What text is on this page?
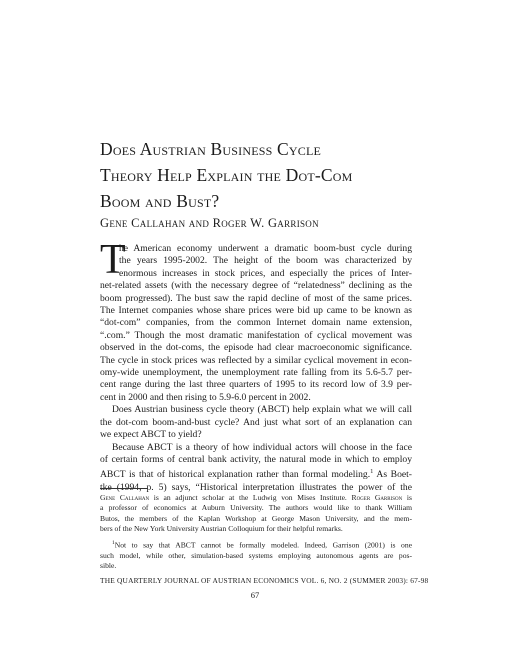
Does Austrian Business Cycle
Theory Help Explain the Dot-Com
Boom and Bust?
Gene Callahan and Roger W. Garrison
T
he American economy underwent a dramatic boom-bust cycle during
the years 1995-2002. The height of the boom was characterized by
enormous increases in stock prices, and especially the prices of Inter-
net-related assets (with the necessary degree of “relatedness” declining as the
boom progressed). The bust saw the rapid decline of most of the same prices.
The Internet companies whose share prices were bid up came to be known as
“dot-com” companies, from the common Internet domain name extension,
“.com.” Though the most dramatic manifestation of cyclical movement was
observed in the dot-coms, the episode had clear macroeconomic significance.
The cycle in stock prices was reflected by a similar cyclical movement in econ-
omy-wide unemployment, the unemployment rate falling from its 5.6-5.7 per-
cent range during the last three quarters of 1995 to its record low of 3.9 per-
cent in 2000 and then rising to 5.9-6.0 percent in 2002.
Does Austrian business cycle theory (ABCT) help explain what we will call
the dot-com boom-and-bust cycle? And just what sort of an explanation can
we expect ABCT to yield?
Because ABCT is a theory of how individual actors will choose in the face
of certain forms of central bank activity, the natural mode in which to employ
ABCT is that of historical explanation rather than formal modeling.$^1$ As Boet-
tke (1994, p. 5) says, “Historical interpretation illustrates the power of the
Gene Callahan is an adjunct scholar at the Ludwig von Mises Institute. Roger Garrison is
a professor of economics at Auburn University. The authors would like to thank William
Butos, the members of the Kaplan Workshop at George Mason University, and the mem-
bers of the New York University Austrian Colloquium for their helpful remarks.
$^1$Not to say that ABCT cannot be formally modeled. Indeed, Garrison (2001) is one
such model, while other, simulation-based systems employing autonomous agents are pos-
sible.
THE QUARTERLY JOURNAL OF AUSTRIAN ECONOMICS VOL. 6, NO. 2 (SUMMER 2003): 67-98
67
